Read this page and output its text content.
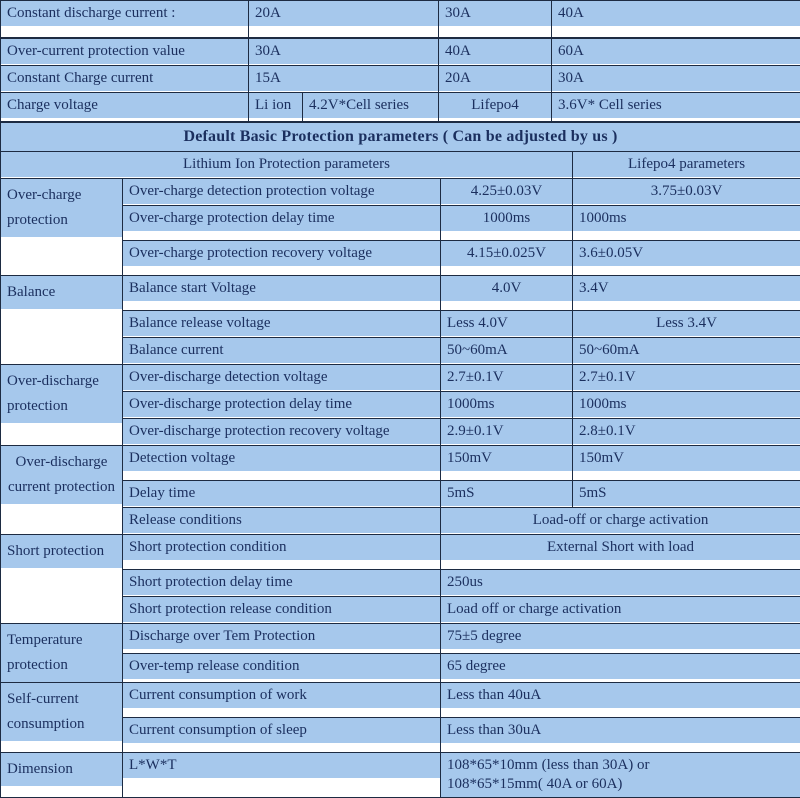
Constant discharge current :	20A		30A	40A

Over-current protection value	30A		40A	60A

Constant Charge current	15A		20A	30A

Charge voltage	Li ion	4.2V*Cell series	Lifepo4	3.6V* Cell series
Default Basic Protection parameters ( Can be adjusted by us )			

Lithium Ion Protection parameters			Lifepo4 parameters

Over-charge protection	Over-charge detection protection voltage	4.25±0.03V	3.75±0.03V

	Over-charge protection delay time	1000ms	1000ms

	Over-charge protection recovery voltage	4.15±0.025V	3.6±0.05V

Balance	Balance start Voltage	4.0V	3.4V

	Balance release voltage	Less 4.0V	Less 3.4V

	Balance current	50~60mA	50~60mA

Over-discharge protection	Over-discharge detection voltage	2.7±0.1V	2.7±0.1V

	Over-discharge protection delay time	1000ms	1000ms

	Over-discharge protection recovery voltage	2.9±0.1V	2.8±0.1V

Over-discharge current protection	Detection voltage	150mV	150mV

	Delay time	5mS	5mS

	Release conditions	Load-off or charge activation	

Short protection	Short protection condition	External Short with load	

	Short protection delay time	250us	

	Short protection release condition	Load off or charge activation	

Temperature protection	Discharge over Tem Protection	75±5 degree	

	Over-temp release condition	65 degree	

Self-current consumption	Current consumption of work	Less than 40uA	

	Current consumption of sleep	Less than 30uA	

Dimension	L*W*T	108*65*10mm (less than 30A) or
108*65*15mm( 40A or 60A)	
